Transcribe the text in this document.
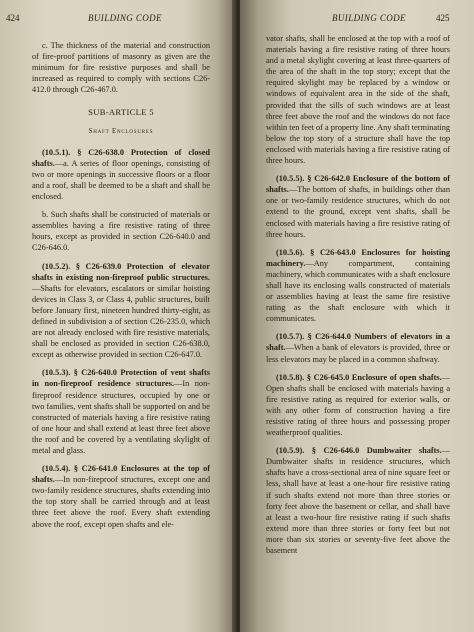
424	BUILDING CODE

c. The thickness of the material and construction of fire-proof partitions of masonry as given are the minimum for fire resistive purposes and shall be increased as required to comply with sections C26-412.0 through C26-467.0.

SUB-ARTICLE 5
Shaft Enclosures

(10.5.1). § C26-638.0 Protection of closed shafts.—a. A series of floor openings, consisting of two or more openings in successive floors or a floor and a roof, shall be deemed to be a shaft and shall be enclosed.

b. Such shafts shall be constructed of materials or assemblies having a fire resistive rating of three hours, except as provided in section C26-640.0 and C26-646.0.

(10.5.2). § C26-639.0 Protection of elevator shafts in existing non-fireproof public structures.—Shafts for elevators, escalators or similar hoisting devices in Class 3, or Class 4, public structures, built before January first, nineteen hundred thirty-eight, as defined in subdivision a of section C26-235.0, which are not already enclosed with fire resistive materials, shall be enclosed as provided in section C26-638.0, except as otherwise provided in section C26-647.0.

(10.5.3). § C26-640.0 Protection of vent shafts in non-fireproof residence structures.—In non-fireproof residence structures, occupied by one or two families, vent shafts shall be supported on and be constructed of materials having a fire resistive rating of one hour and shall extend at least three feet above the roof and be covered by a ventilating skylight of metal and glass.

(10.5.4). § C26-641.0 Enclosures at the top of shafts.—In non-fireproof structures, except one and two-family residence structures, shafts extending into the top story shall be carried through and at least three feet above the roof. Every shaft extending above the roof, except open shafts and ele-

BUILDING CODE	425

vator shafts, shall be enclosed at the top with a roof of materials having a fire resistive rating of three hours and a metal skylight covering at least three-quarters of the area of the shaft in the top story; except that the required skylight may be replaced by a window or windows of equivalent area in the side of the shaft, provided that the sills of such windows are at least three feet above the roof and the windows do not face within ten feet of a property line. Any shaft terminating below the top story of a structure shall have the top enclosed with materials having a fire resistive rating of three hours.

(10.5.5). § C26-642.0 Enclosure of the bottom of shafts.—The bottom of shafts, in buildings other than one or two-family residence structures, which do not extend to the ground, except vent shafts, shall be enclosed with materials having a fire resistive rating of three hours.

(10.5.6). § C26-643.0 Enclosures for hoisting machinery.—Any compartment, containing machinery, which communicates with a shaft enclosure shall have its enclosing walls constructed of materials or assemblies having at least the same fire resistive rating as the shaft enclosure with which it communicates.

(10.5.7). § C26-644.0 Numbers of elevators in a shaft.—When a bank of elevators is provided, three or less elevators may be placed in a common shaftway.

(10.5.8). § C26-645.0 Enclosure of open shafts.—Open shafts shall be enclosed with materials having a fire resistive rating as required for exterior walls, or with any other form of construction having a fire resistive rating of three hours and possessing proper weatherproof qualities.

(10.5.9). § C26-646.0 Dumbwaiter shafts.—Dumbwaiter shafts in residence structures, which shafts have a cross-sectional area of nine square feet or less, shall have at least a one-hour fire resistive rating if such shafts extend not more than three stories or forty feet above the basement or cellar, and shall have at least a two-hour fire resistive rating if such shafts extend more than three stories or forty feet but not more than six stories or seventy-five feet above the basement
